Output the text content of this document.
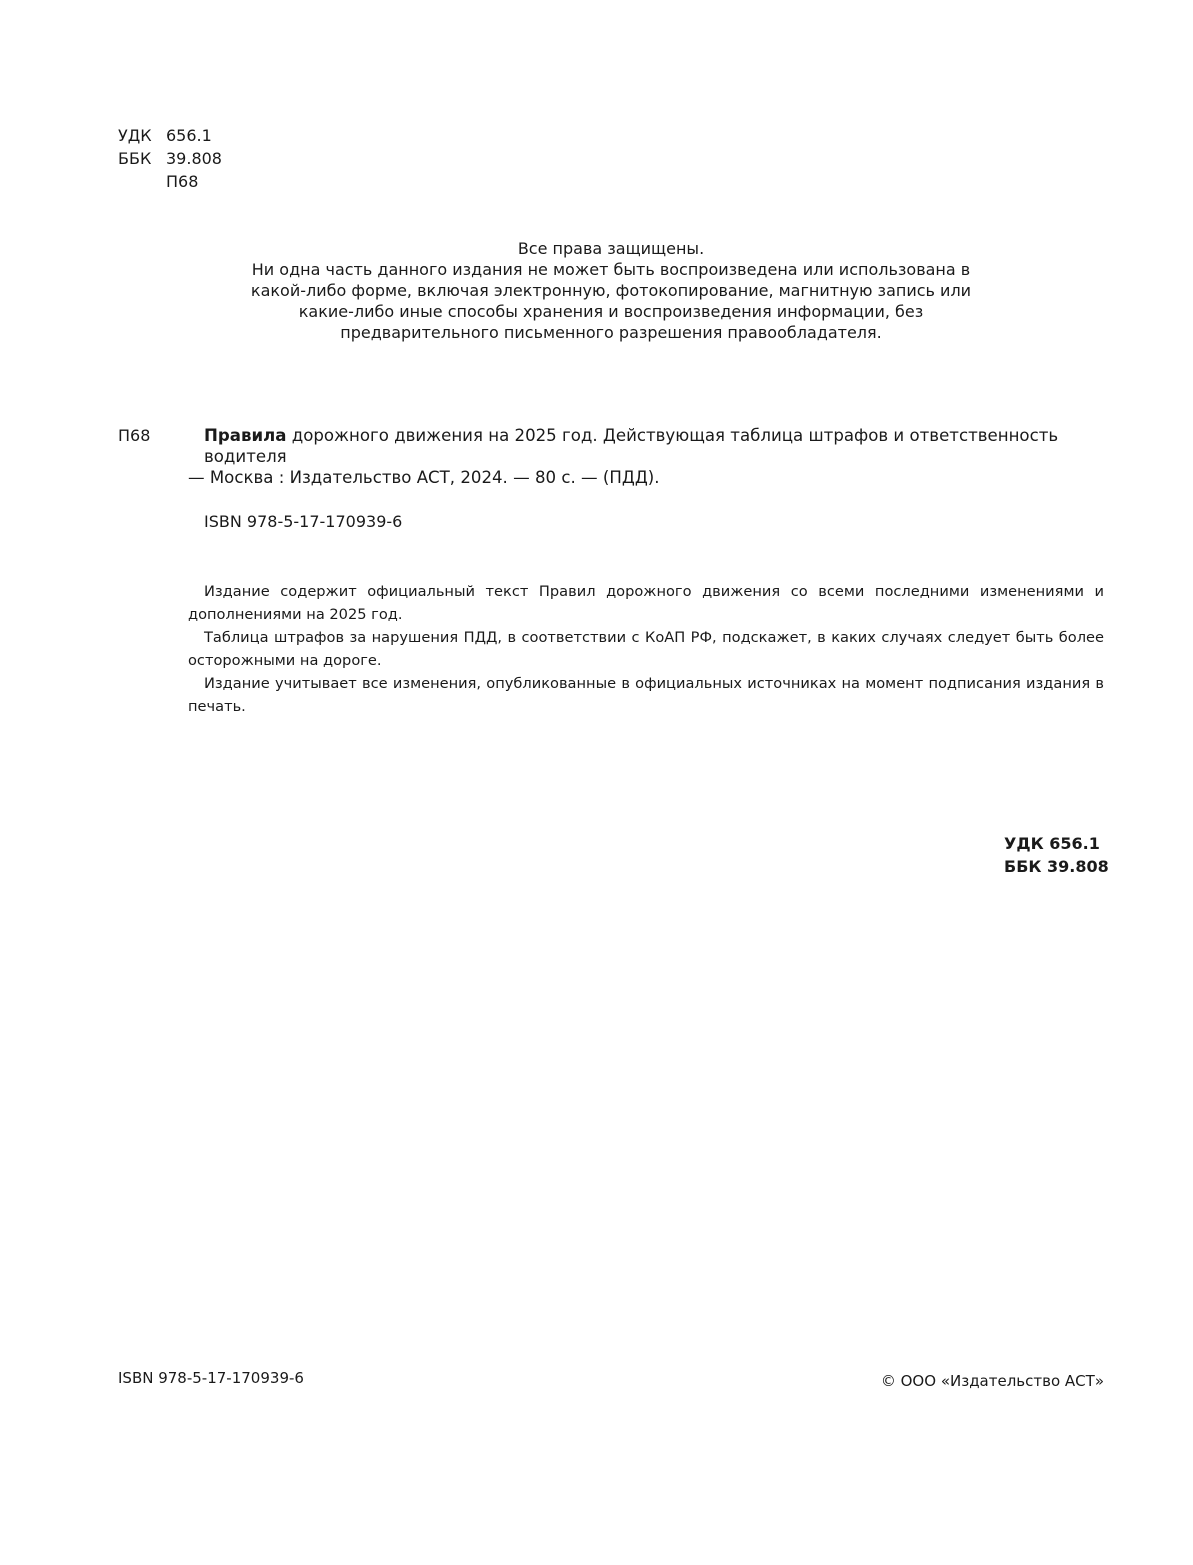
УДК 656.1
ББК 39.808
П68

Все права защищены.

Ни одна часть данного издания не может быть воспроизведена или использована в

какой-либо форме, включая электронную, фотокопирование, магнитную запись или

какие-либо иные способы хранения и воспроизведения информации, без

предварительного письменного разрешения правообладателя.

П68	Правила дорожного движения на 2025 год. Действующая таблица штрафов и ответственность водителя
— Москва : Издательство АСТ, 2024. — 80 с. — (ПДД).
ISBN 978-5-17-170939-6

Издание содержит официальный текст Правил дорожного движения со всеми последними изменениями и дополнениями на 2025 год.

Таблица штрафов за нарушения ПДД, в соответствии с КоАП РФ, подскажет, в каких случаях следует быть более осторожными на дороге.

Издание учитывает все изменения, опубликованные в официальных источниках на момент подписания издания в печать.

УДК 656.1
ББК 39.808
ISBN 978-5-17-170939-6	© ООО «Издательство АСТ»
